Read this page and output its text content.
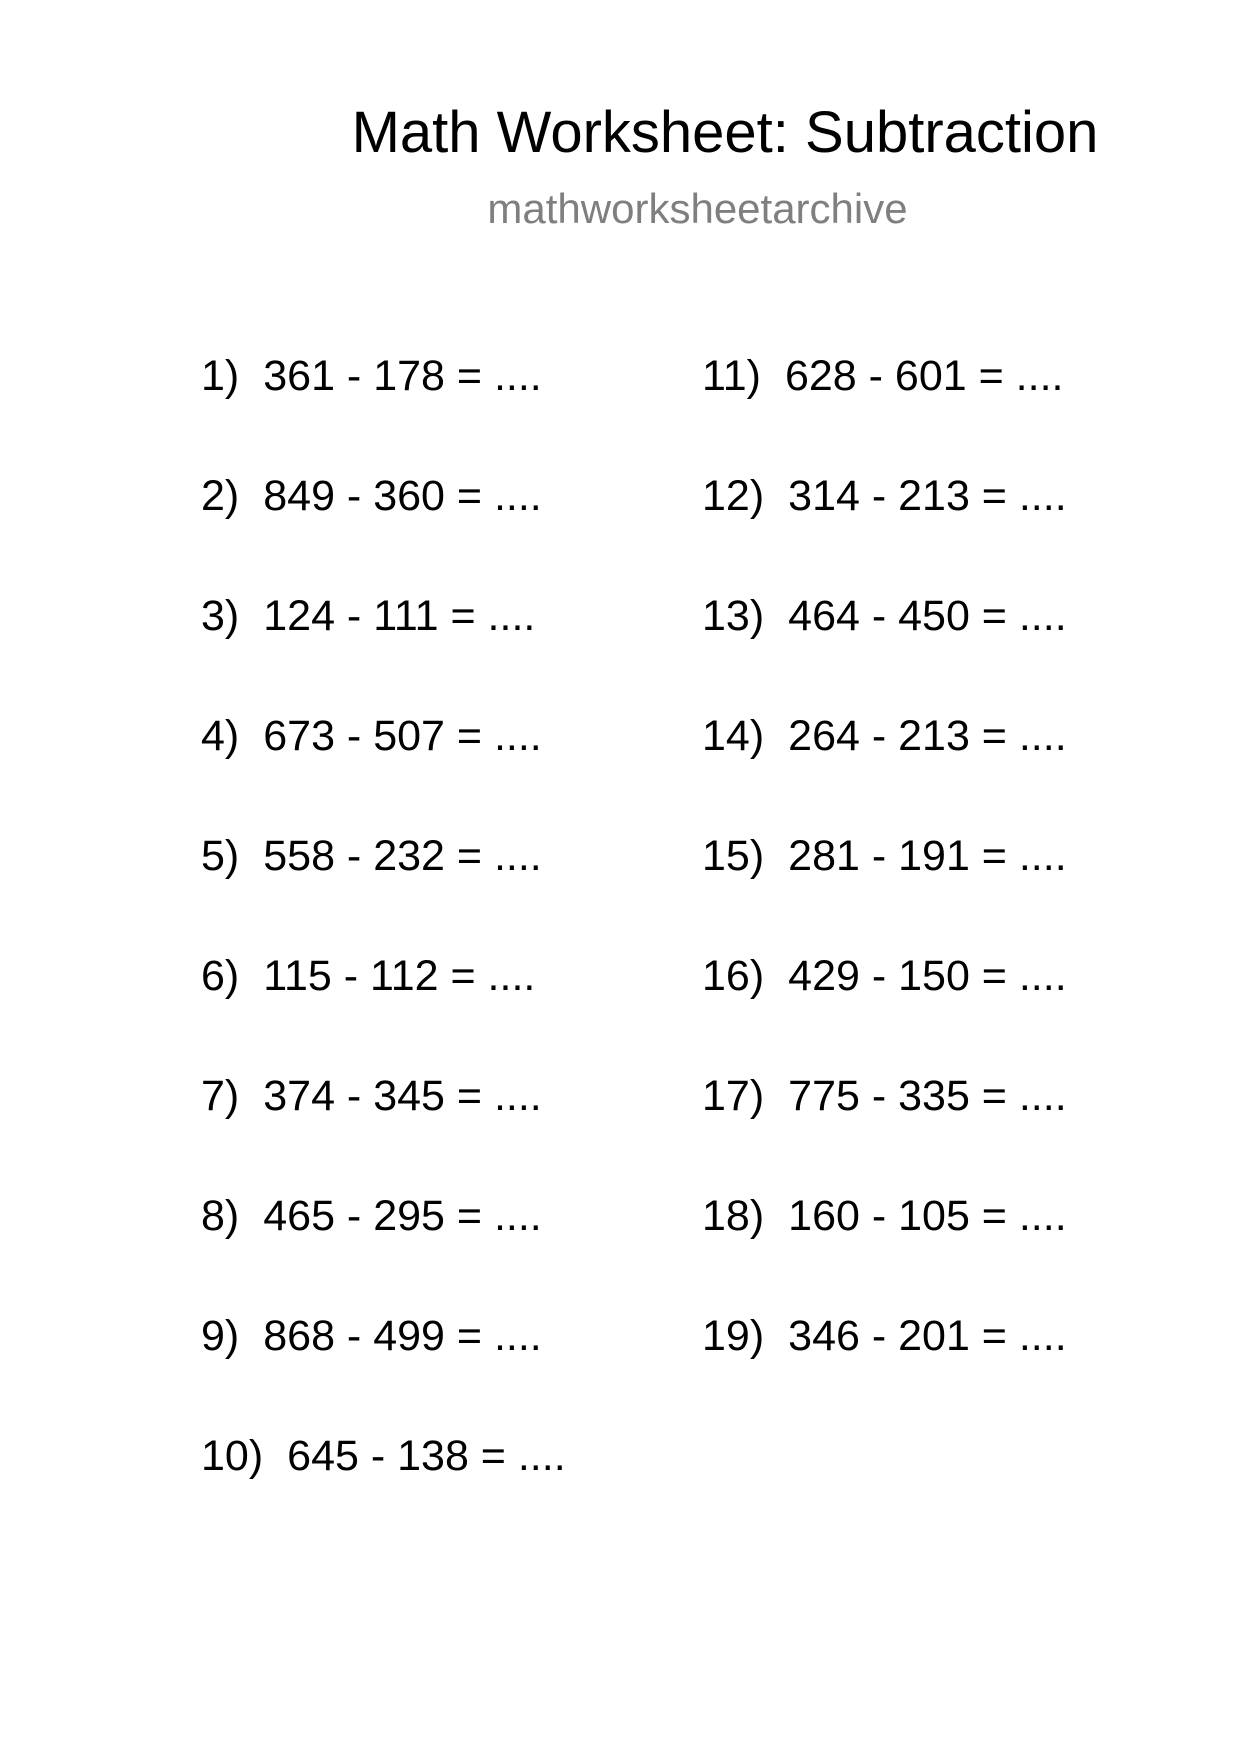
Math Worksheet: Subtraction
mathworksheetarchive
1) 361 - 178 = ....
2) 849 - 360 = ....
3) 124 - 111 = ....
4) 673 - 507 = ....
5) 558 - 232 = ....
6) 115 - 112 = ....
7) 374 - 345 = ....
8) 465 - 295 = ....
9) 868 - 499 = ....
10) 645 - 138 = ....
11) 628 - 601 = ....
12) 314 - 213 = ....
13) 464 - 450 = ....
14) 264 - 213 = ....
15) 281 - 191 = ....
16) 429 - 150 = ....
17) 775 - 335 = ....
18) 160 - 105 = ....
19) 346 - 201 = ....
